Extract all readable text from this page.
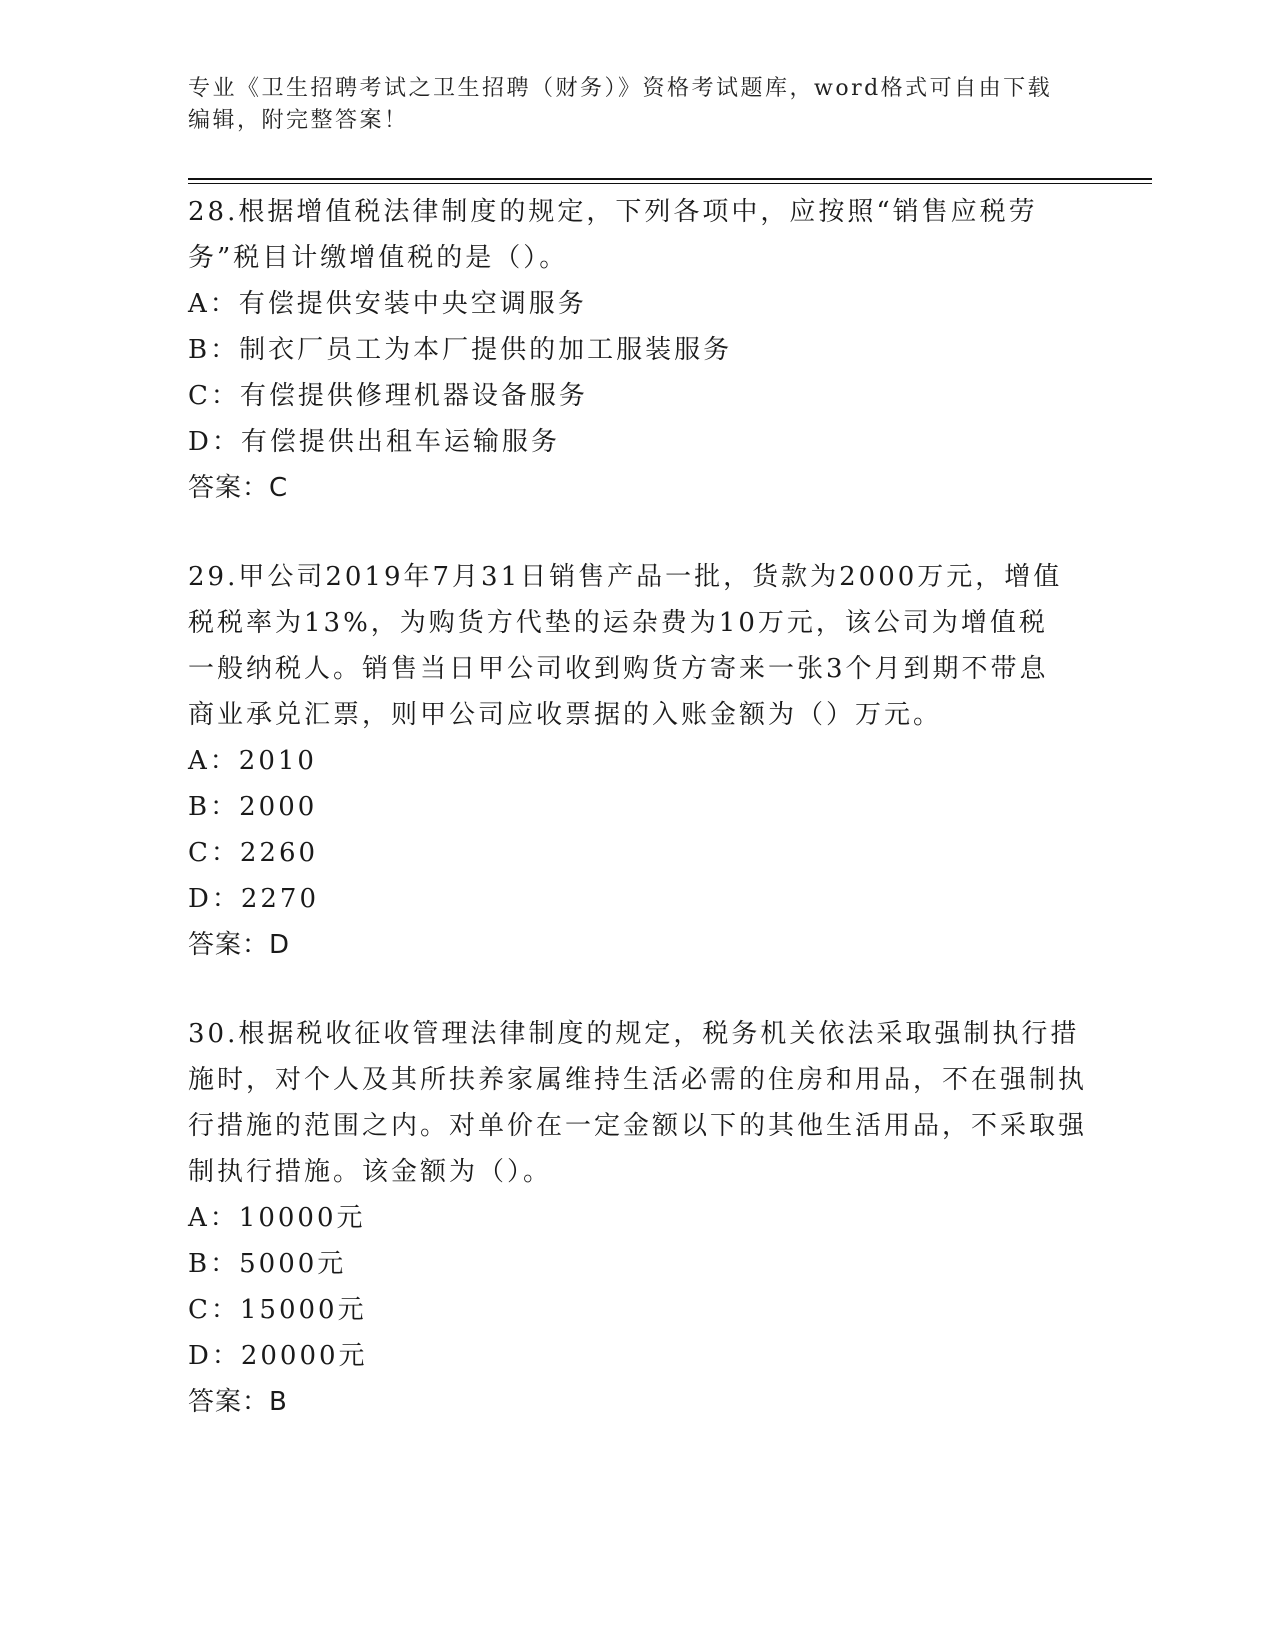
专业《卫生招聘考试之卫生招聘（财务）》资格考试题库，word格式可自由下载编辑，附完整答案！

28.根据增值税法律制度的规定，下列各项中，应按照“销售应税劳务”税目计缴增值税的是（）。

A：有偿提供安装中央空调服务

B：制衣厂员工为本厂提供的加工服装服务

C：有偿提供修理机器设备服务

D：有偿提供出租车运输服务

答案：C

29.甲公司2019年7月31日销售产品一批，货款为2000万元，增值税税率为13%，为购货方代垫的运杂费为10万元，该公司为增值税一般纳税人。销售当日甲公司收到购货方寄来一张3个月到期不带息商业承兑汇票，则甲公司应收票据的入账金额为（）万元。

A：2010

B：2000

C：2260

D：2270

答案：D

30.根据税收征收管理法律制度的规定，税务机关依法采取强制执行措施时，对个人及其所扶养家属维持生活必需的住房和用品，不在强制执行措施的范围之内。对单价在一定金额以下的其他生活用品，不采取强制执行措施。该金额为（）。

A：10000元

B：5000元

C：15000元

D：20000元

答案：B
